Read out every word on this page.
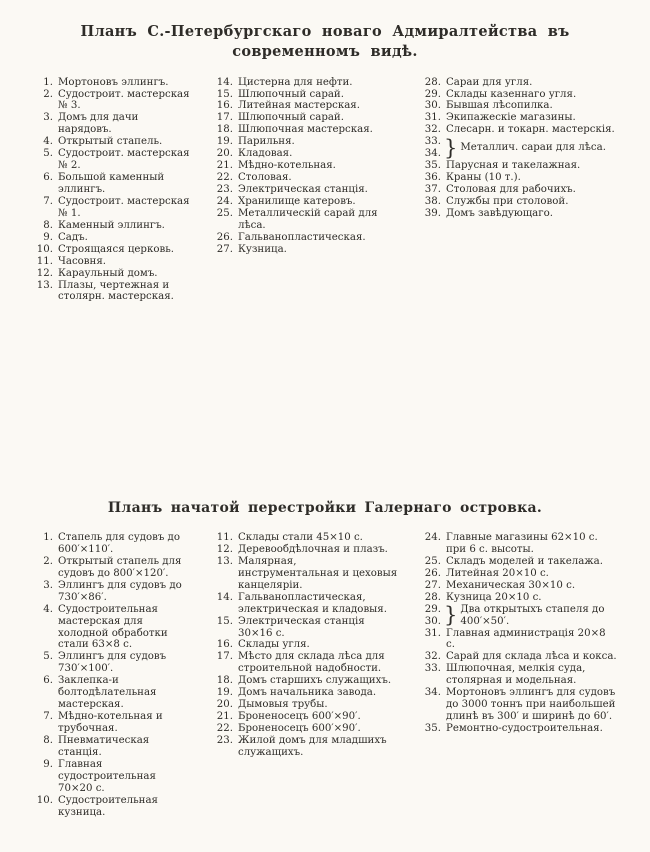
Планъ С.-Петербургскаго новаго Адмиралтейства въ современномъ видѣ.
1. Мортоновъ эллингъ.
2. Судостроит. мастерская № 3.
3. Домъ для дачи нарядовъ.
4. Открытый стапель.
5. Судостроит. мастерская № 2.
6. Большой каменный эллингъ.
7. Судостроит. мастерская № 1.
8. Каменный эллингъ.
9. Садъ.
10. Строящаяся церковь.
11. Часовня.
12. Караульный домъ.
13. Плазы, чертежная и столярн. мастерская.
14. Цистерна для нефти.
15. Шлюпочный сарай.
16. Литейная мастерская.
17. Шлюпочный сарай.
18. Шлюпочная мастерская.
19. Парильня.
20. Кладовая.
21. Мѣдно-котельная.
22. Столовая.
23. Электрическая станція.
24. Хранилище катеровъ.
25. Металлическій сарай для лѣса.
26. Гальванопластическая.
27. Кузница.
28. Сараи для угля.
29. Склады казеннаго угля.
30. Бывшая лѣсопилка.
31. Экипажескіе магазины.
32. Слесарн. и токарн. мастерскія.
33.
34. } Металлич. сараи для лѣса.
35. Парусная и такелажная.
36. Краны (10 т.).
37. Столовая для рабочихъ.
38. Службы при столовой.
39. Домъ завѣдующаго.
Планъ начатой перестройки Галернаго островка.
1. Стапель для судовъ до 600′×110′.
2. Открытый стапель для судовъ до 800′×120′.
3. Эллингъ для судовъ до 730′×86′.
4. Судостроительная мастерская для холодной обработки стали 63×8 с.
5. Эллингъ для судовъ 730′×100′.
6. Заклепка-и болтодѣлательная мастерская.
7. Мѣдно-котельная и трубочная.
8. Пневматическая станція.
9. Главная судостроительная 70×20 с.
10. Судостроительная кузница.
11. Склады стали 45×10 с.
12. Деревообдѣлочная и плазъ.
13. Малярная, инструментальная и цеховыя канцеляріи.
14. Гальванопластическая, электрическая и кладовыя.
15. Электрическая станція 30×16 с.
16. Склады угля.
17. Мѣсто для склада лѣса для строительной надобности.
18. Домъ старшихъ служащихъ.
19. Домъ начальника завода.
20. Дымовыя трубы.
21. Броненосецъ 600′×90′.
22. Броненосецъ 600′×90′.
23. Жилой домъ для младшихъ служащихъ.
24. Главные магазины 62×10 с. при 6 с. высоты.
25. Складъ моделей и такелажа.
26. Литейная 20×10 с.
27. Механическая 30×10 с.
28. Кузница 20×10 с.
29.
30. } Два открытыхъ стапеля до 400′×50′.
31. Главная администрація 20×8 с.
32. Сарай для склада лѣса и кокса.
33. Шлюпочная, мелкія суда, столярная и модельная.
34. Мортоновъ эллингъ для судовъ до 3000 тоннъ при наибольшей длинѣ въ 300′ и ширинѣ до 60′.
35. Ремонтно-судостроительная.
